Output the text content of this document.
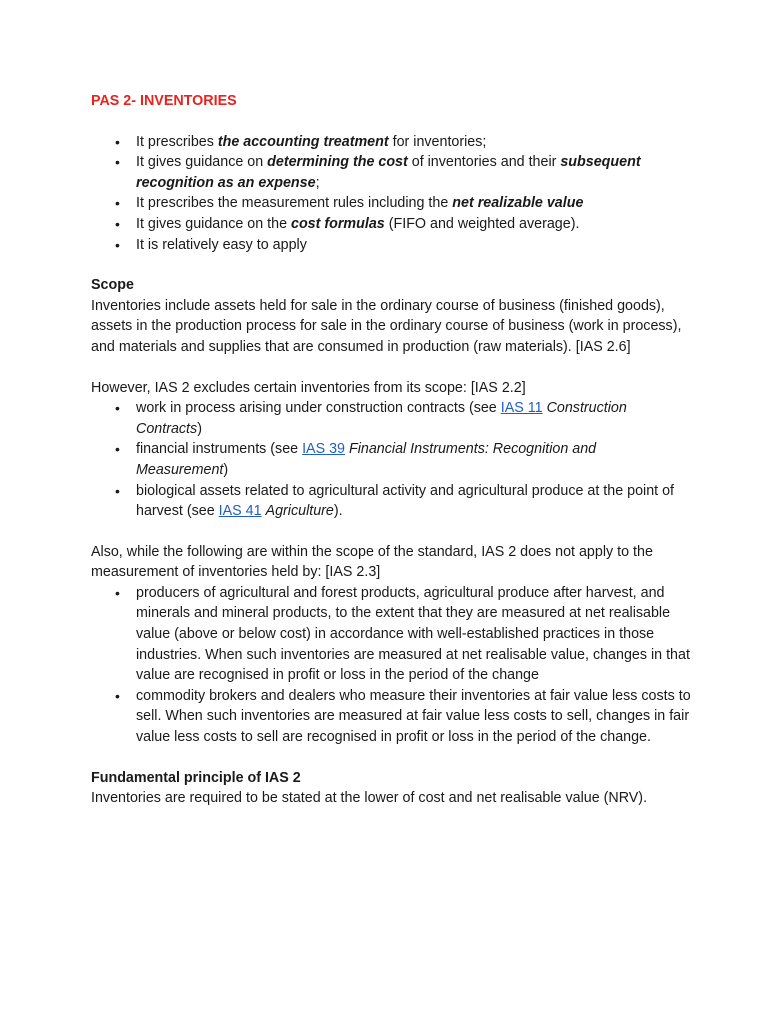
PAS 2- INVENTORIES
• It prescribes the accounting treatment for inventories;
• It gives guidance on determining the cost of inventories and their subsequent recognition as an expense;
• It prescribes the measurement rules including the net realizable value
• It gives guidance on the cost formulas (FIFO and weighted average).
• It is relatively easy to apply
Scope

Inventories include assets held for sale in the ordinary course of business (finished goods), assets in the production process for sale in the ordinary course of business (work in process), and materials and supplies that are consumed in production (raw materials). [IAS 2.6]

However, IAS 2 excludes certain inventories from its scope: [IAS 2.2]

• work in process arising under construction contracts (see IAS 11 Construction Contracts)
• financial instruments (see IAS 39 Financial Instruments: Recognition and Measurement)
• biological assets related to agricultural activity and agricultural produce at the point of harvest (see IAS 41 Agriculture).

Also, while the following are within the scope of the standard, IAS 2 does not apply to the measurement of inventories held by: [IAS 2.3]

• producers of agricultural and forest products, agricultural produce after harvest, and minerals and mineral products, to the extent that they are measured at net realisable value (above or below cost) in accordance with well-established practices in those industries. When such inventories are measured at net realisable value, changes in that value are recognised in profit or loss in the period of the change
• commodity brokers and dealers who measure their inventories at fair value less costs to sell. When such inventories are measured at fair value less costs to sell, changes in fair value less costs to sell are recognised in profit or loss in the period of the change.
Fundamental principle of IAS 2

Inventories are required to be stated at the lower of cost and net realisable value (NRV).
